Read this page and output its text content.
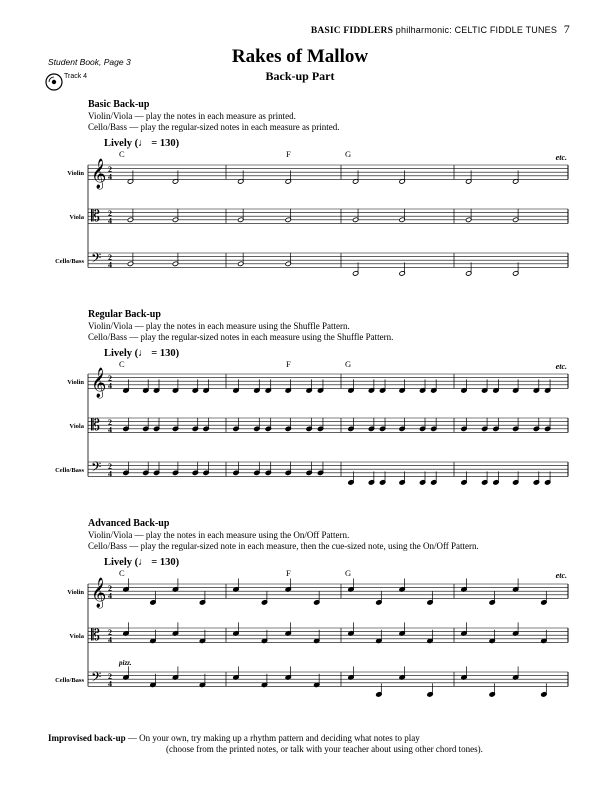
BASIC FIDDLERS philharmonic: CELTIC FIDDLE TUNES 7
Student Book, Page 3
Track 4
Rakes of Mallow
Back-up Part
Basic Back-up
Violin/Viola — play the notes in each measure as printed.
Cello/Bass — play the regular-sized notes in each measure as printed.
Lively (♩ = 130)
etc.
Regular Back-up
Violin/Viola — play the notes in each measure using the Shuffle Pattern.
Cello/Bass — play the regular-sized notes in each measure using the Shuffle Pattern.
Lively (♩ = 130)
etc.
Advanced Back-up
Violin/Viola — play the notes in each measure using the On/Off Pattern.
Cello/Bass — play the regular-sized note in each measure, then the cue-sized note, using the On/Off Pattern.
Lively (♩ = 130)
etc.
pizz.
C	F	G
C	F	G
C	F	G
Violin
Viola
Cello/Bass
Violin
Viola
Cello/Bass
Violin
Viola
Cello/Bass
𝄞 2
4
𝄡 2
4
𝄢 2
4
𝄞 2
4
𝄡 2
4
𝄢 2
4
𝄞 2
4
𝄡 2
4
𝄢 2
4
Improvised back-up — On your own, try making up a rhythm pattern and deciding what notes to play
(choose from the printed notes, or talk with your teacher about using other chord tones).
